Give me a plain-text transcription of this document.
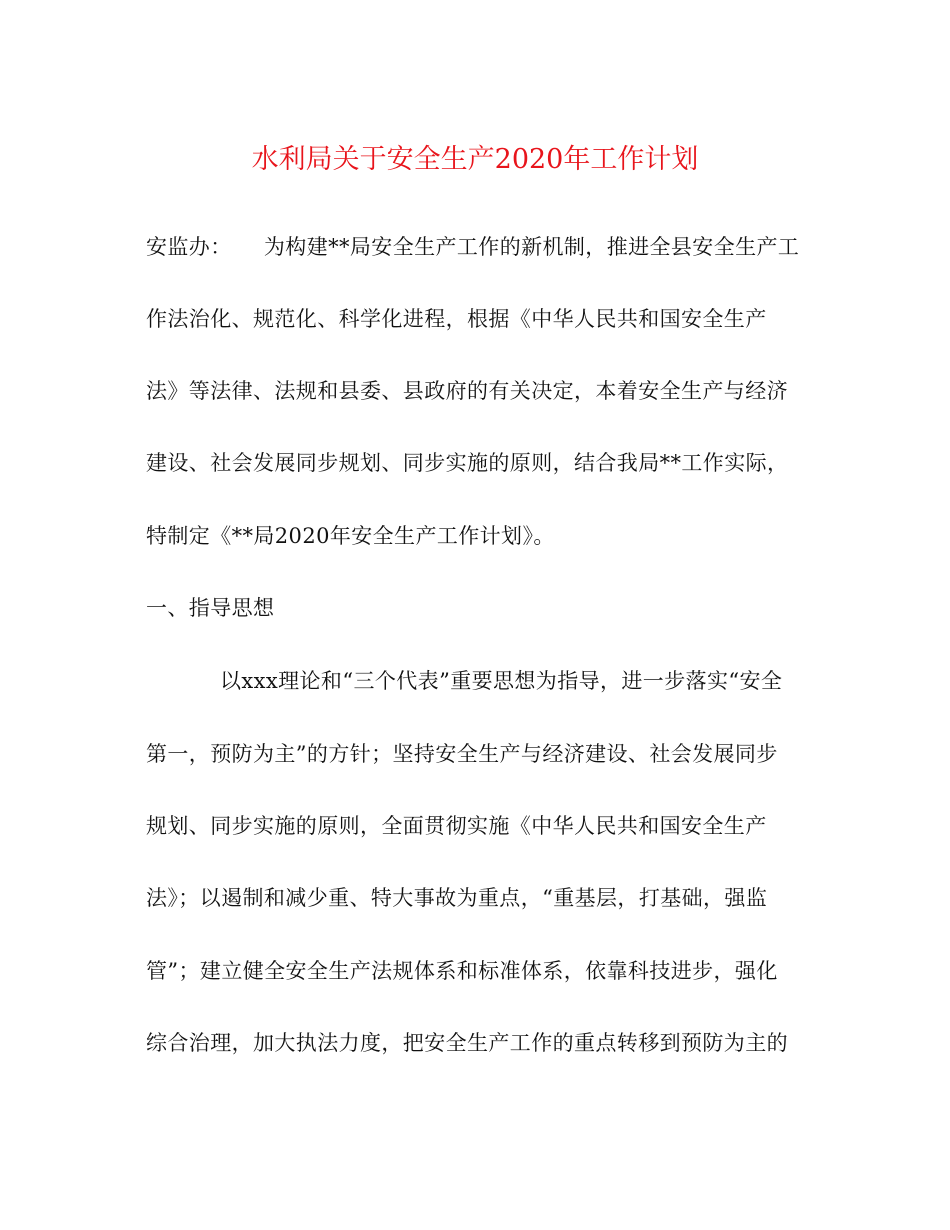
水利局关于安全生产2020年工作计划
安监办：　　为构建**局安全生产工作的新机制，推进全县安全生产工
作法治化、规范化、科学化进程，根据《中华人民共和国安全生产
法》等法律、法规和县委、县政府的有关决定，本着安全生产与经济
建设、社会发展同步规划、同步实施的原则，结合我局**工作实际，
特制定《**局2020年安全生产工作计划》。
一、指导思想
以xxx理论和“三个代表”重要思想为指导，进一步落实“安全
第一，预防为主”的方针；坚持安全生产与经济建设、社会发展同步
规划、同步实施的原则，全面贯彻实施《中华人民共和国安全生产
法》；以遏制和减少重、特大事故为重点，“重基层，打基础，强监
管”；建立健全安全生产法规体系和标准体系，依靠科技进步，强化
综合治理，加大执法力度，把安全生产工作的重点转移到预防为主的
